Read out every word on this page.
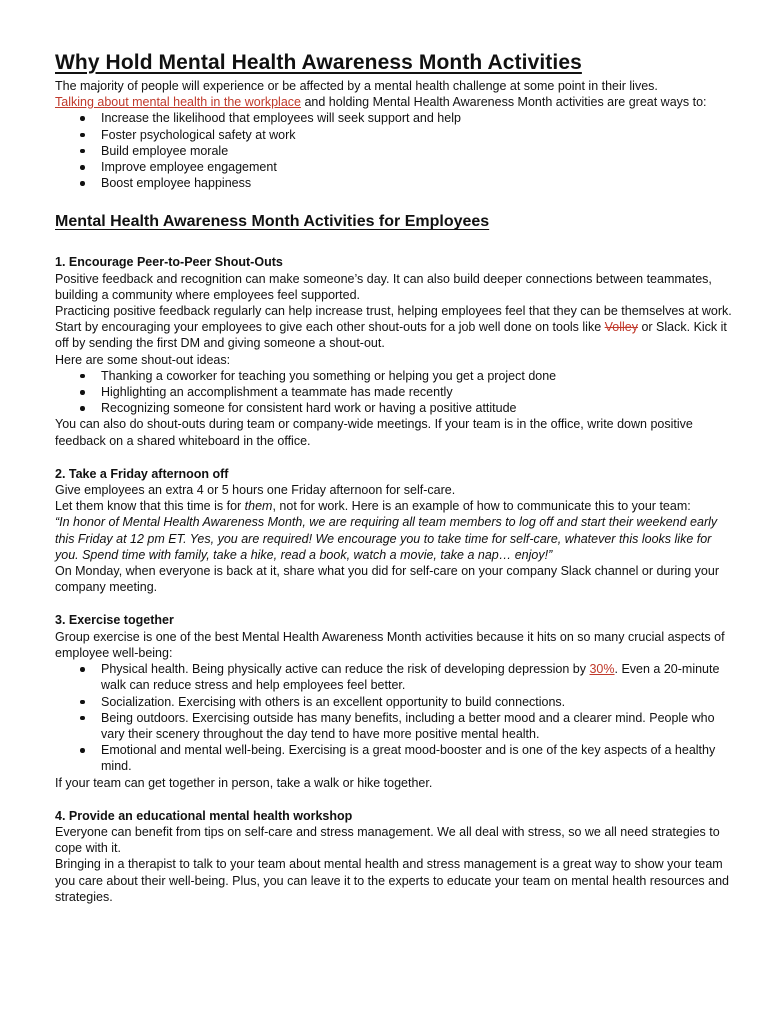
Why Hold Mental Health Awareness Month Activities

The majority of people will experience or be affected by a mental health challenge at some point in their lives.

Talking about mental health in the workplace and holding Mental Health Awareness Month activities are great ways to:

Increase the likelihood that employees will seek support and help
Foster psychological safety at work
Build employee morale
Improve employee engagement
Boost employee happiness
Mental Health Awareness Month Activities for Employees
1. Encourage Peer-to-Peer Shout-Outs

Positive feedback and recognition can make someone’s day. It can also build deeper connections between teammates, building a community where employees feel supported.

Practicing positive feedback regularly can help increase trust, helping employees feel that they can be themselves at work.

Start by encouraging your employees to give each other shout-outs for a job well done on tools like Volley or Slack. Kick it off by sending the first DM and giving someone a shout-out.

Here are some shout-out ideas:

Thanking a coworker for teaching you something or helping you get a project done
Highlighting an accomplishment a teammate has made recently
Recognizing someone for consistent hard work or having a positive attitude

You can also do shout-outs during team or company-wide meetings. If your team is in the office, write down positive feedback on a shared whiteboard in the office.

2. Take a Friday afternoon off

Give employees an extra 4 or 5 hours one Friday afternoon for self-care.

Let them know that this time is for them, not for work. Here is an example of how to communicate this to your team:

“In honor of Mental Health Awareness Month, we are requiring all team members to log off and start their weekend early this Friday at 12 pm ET. Yes, you are required! We encourage you to take time for self-care, whatever this looks like for you. Spend time with family, take a hike, read a book, watch a movie, take a nap… enjoy!”

On Monday, when everyone is back at it, share what you did for self-care on your company Slack channel or during your company meeting.

3. Exercise together

Group exercise is one of the best Mental Health Awareness Month activities because it hits on so many crucial aspects of employee well-being:

Physical health. Being physically active can reduce the risk of developing depression by 30%. Even a 20-minute walk can reduce stress and help employees feel better.
Socialization. Exercising with others is an excellent opportunity to build connections.
Being outdoors. Exercising outside has many benefits, including a better mood and a clearer mind. People who vary their scenery throughout the day tend to have more positive mental health.
Emotional and mental well-being. Exercising is a great mood-booster and is one of the key aspects of a healthy mind.

If your team can get together in person, take a walk or hike together.

4. Provide an educational mental health workshop

Everyone can benefit from tips on self-care and stress management. We all deal with stress, so we all need strategies to cope with it.

Bringing in a therapist to talk to your team about mental health and stress management is a great way to show your team you care about their well-being. Plus, you can leave it to the experts to educate your team on mental health resources and strategies.
